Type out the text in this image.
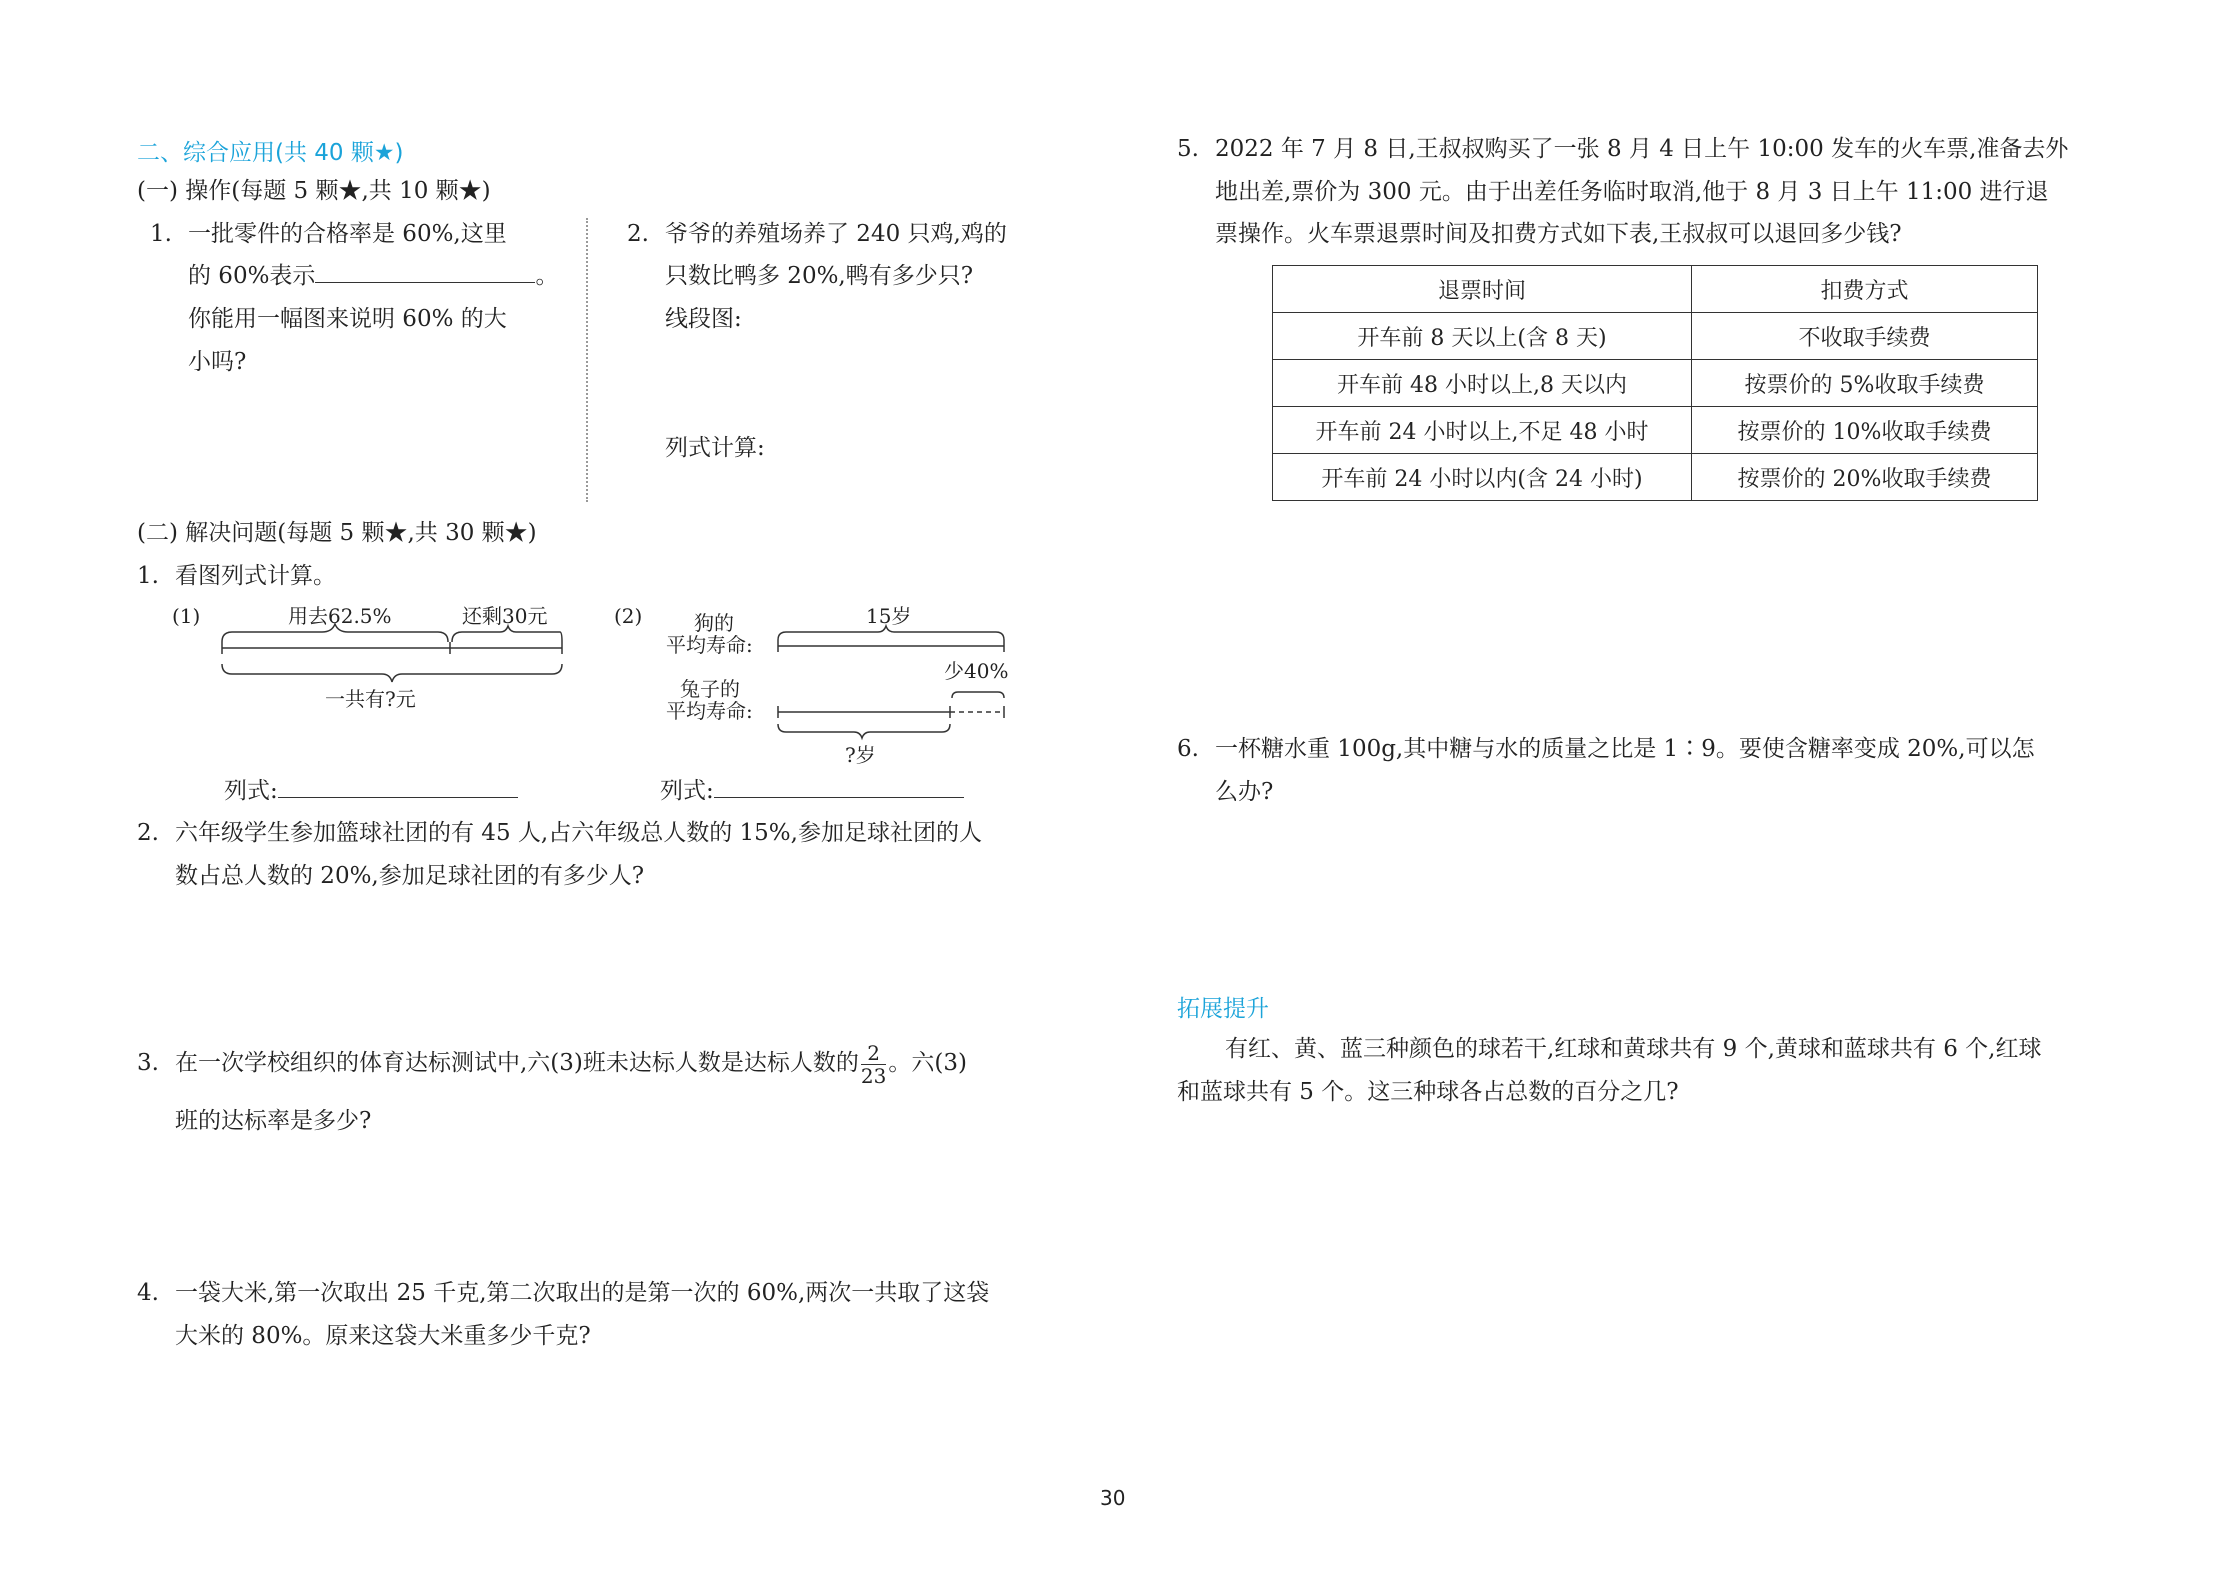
二、综合应用(共 40 颗★)
(一) 操作(每题 5 颗★,共 10 颗★)
1. 一批零件的合格率是 60%,这里
的 60%表示	。
你能用一幅图来说明 60% 的大
小吗?
2. 爷爷的养殖场养了 240 只鸡,鸡的
只数比鸭多 20%,鸭有多少只?
线段图:
列式计算:
(二) 解决问题(每题 5 颗★,共 30 颗★)
1. 看图列式计算。
(1)	用去62.5%	还剩30元
一共有?元
(2)	狗的
平均寿命:
15岁
少40%
兔子的
平均寿命:
?岁
列式:	列式:
2. 六年级学生参加篮球社团的有 45 人,占六年级总人数的 15%,参加足球社团的人
数占总人数的 20%,参加足球社团的有多少人?
3. 在一次学校组织的体育达标测试中,六(3)班未达标人数是达标人数的 $\frac{2}{23}$ 。六(3)
班的达标率是多少?
4. 一袋大米,第一次取出 25 千克,第二次取出的是第一次的 60%,两次一共取了这袋
大米的 80%。原来这袋大米重多少千克?
5. 2022 年 7 月 8 日,王叔叔购买了一张 8 月 4 日上午 10:00 发车的火车票,准备去外
地出差,票价为 300 元。由于出差任务临时取消,他于 8 月 3 日上午 11:00 进行退
票操作。火车票退票时间及扣费方式如下表,王叔叔可以退回多少钱?
退票时间	扣费方式
开车前 8 天以上(含 8 天)	不收取手续费
开车前 48 小时以上,8 天以内	按票价的 5%收取手续费
开车前 24 小时以上,不足 48 小时	按票价的 10%收取手续费
开车前 24 小时以内(含 24 小时)	按票价的 20%收取手续费
6. 一杯糖水重 100g,其中糖与水的质量之比是 1∶9。要使含糖率变成 20%,可以怎
么办?
拓展提升
有红、黄、蓝三种颜色的球若干,红球和黄球共有 9 个,黄球和蓝球共有 6 个,红球
和蓝球共有 5 个。这三种球各占总数的百分之几?
30
